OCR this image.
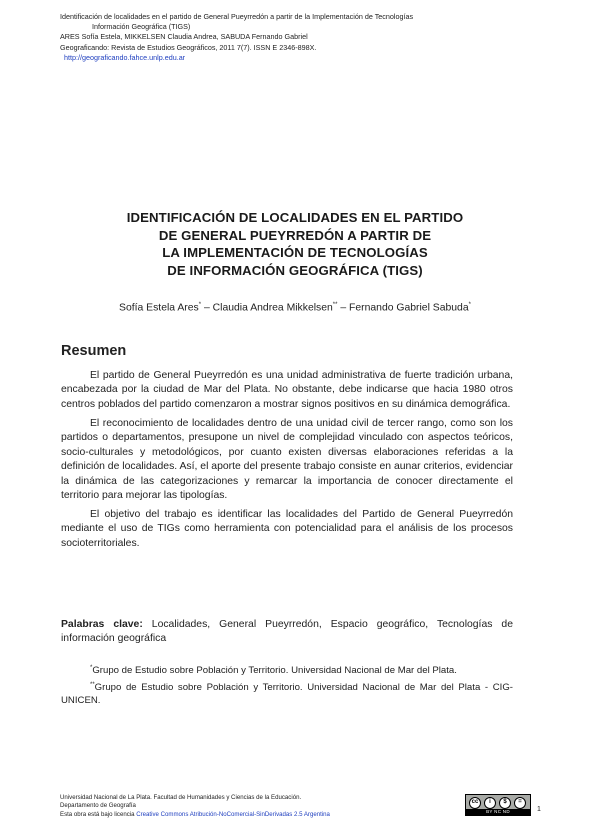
Identificación de localidades en el partido de General Pueyrredón a partir de la Implementación de Tecnologías

Información Geográfica (TIGS)
ARES Sofía Estela, MIKKELSEN Claudia Andrea, SABUDA Fernando Gabriel
Geograficando: Revista de Estudios Geográficos, 2011 7(7). ISSN E 2346-898X.
http://geograficando.fahce.unlp.edu.ar
IDENTIFICACIÓN DE LOCALIDADES EN EL PARTIDO
DE GENERAL PUEYRREDÓN A PARTIR DE
LA IMPLEMENTACIÓN DE TECNOLOGÍAS
DE INFORMACIÓN GEOGRÁFICA (TIGS)
Sofía Estela Ares* – Claudia Andrea Mikkelsen** – Fernando Gabriel Sabuda*
Resumen

El partido de General Pueyrredón es una unidad administrativa de fuerte tradición urbana, encabezada por la ciudad de Mar del Plata. No obstante, debe indicarse que hacia 1980 otros centros poblados del partido comenzaron a mostrar signos positivos en su dinámica demográfica.

El reconocimiento de localidades dentro de una unidad civil de tercer rango, como son los partidos o departamentos, presupone un nivel de complejidad vinculado con aspectos teóricos, socio-culturales y metodológicos, por cuanto existen diversas elaboraciones referidas a la definición de localidades. Así, el aporte del presente trabajo consiste en aunar criterios, evidenciar la dinámica de las categorizaciones y remarcar la importancia de conocer directamente el territorio para mejorar las tipologías.

El objetivo del trabajo es identificar las localidades del Partido de General Pueyrredón mediante el uso de TIGs como herramienta con potencialidad para el análisis de los procesos socioterritoriales.

Palabras clave: Localidades, General Pueyrredón, Espacio geográfico, Tecnologías de información geográfica

*Grupo de Estudio sobre Población y Territorio. Universidad Nacional de Mar del Plata.

**Grupo de Estudio sobre Población y Territorio. Universidad Nacional de Mar del Plata - CIG-UNICEN.

Universidad Nacional de La Plata. Facultad de Humanidades y Ciencias de la Educación.
Departamento de Geografía
Esta obra está bajo licencia Creative Commons Atribución-NoComercial-SinDerivadas 2.5 Argentina
cc	i	$	=
BY NC ND	1
